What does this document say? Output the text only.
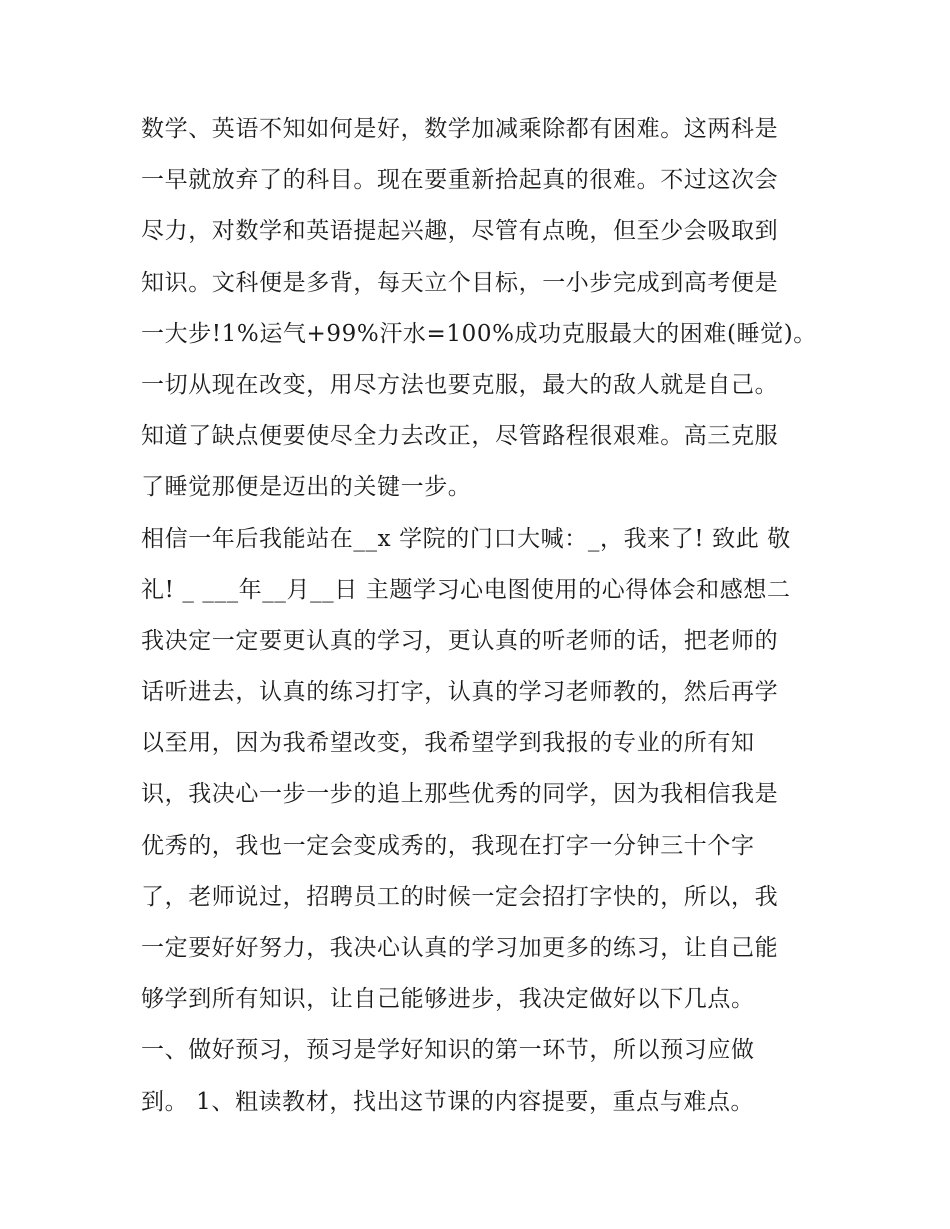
数学、英语不知如何是好，数学加减乘除都有困难。这两科是
一早就放弃了的科目。现在要重新拾起真的很难。不过这次会
尽力，对数学和英语提起兴趣，尽管有点晚，但至少会吸取到
知识。文科便是多背，每天立个目标，一小步完成到高考便是
一大步!1%运气+99%汗水=100%成功克服最大的困难(睡觉)。
一切从现在改变，用尽方法也要克服，最大的敌人就是自己。
知道了缺点便要使尽全力去改正，尽管路程很艰难。高三克服
了睡觉那便是迈出的关键一步。
相信一年后我能站在__x 学院的门口大喊：_，我来了! 致此 敬
礼! _ ___年__月__日 主题学习心电图使用的心得体会和感想二
我决定一定要更认真的学习，更认真的听老师的话，把老师的
话听进去，认真的练习打字，认真的学习老师教的，然后再学
以至用，因为我希望改变，我希望学到我报的专业的所有知
识，我决心一步一步的追上那些优秀的同学，因为我相信我是
优秀的，我也一定会变成秀的，我现在打字一分钟三十个字
了，老师说过，招聘员工的时候一定会招打字快的，所以，我
一定要好好努力，我决心认真的学习加更多的练习，让自己能
够学到所有知识，让自己能够进步，我决定做好以下几点。
一、做好预习，预习是学好知识的第一环节，所以预习应做
到。 1、粗读教材，找出这节课的内容提要，重点与难点。
